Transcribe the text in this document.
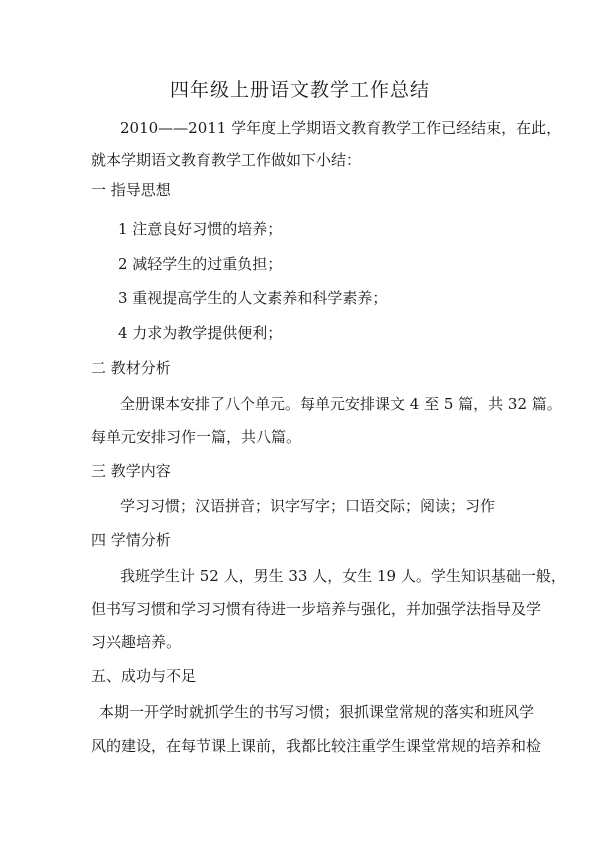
四年级上册语文教学工作总结

2010——2011 学年度上学期语文教育教学工作已经结束，在此，

就本学期语文教育教学工作做如下小结：

一 指导思想

1 注意良好习惯的培养；

2 减轻学生的过重负担；

3 重视提高学生的人文素养和科学素养；

4 力求为教学提供便利；

二 教材分析

全册课本安排了八个单元。每单元安排课文 4 至 5 篇，共 32 篇。

每单元安排习作一篇，共八篇。

三 教学内容

学习习惯；汉语拼音；识字写字；口语交际；阅读；习作

四 学情分析

我班学生计 52 人，男生 33 人，女生 19 人。学生知识基础一般，

但书写习惯和学习习惯有待进一步培养与强化，并加强学法指导及学

习兴趣培养。

五、成功与不足

本期一开学时就抓学生的书写习惯；狠抓课堂常规的落实和班风学

风的建设，在每节课上课前，我都比较注重学生课堂常规的培养和检
